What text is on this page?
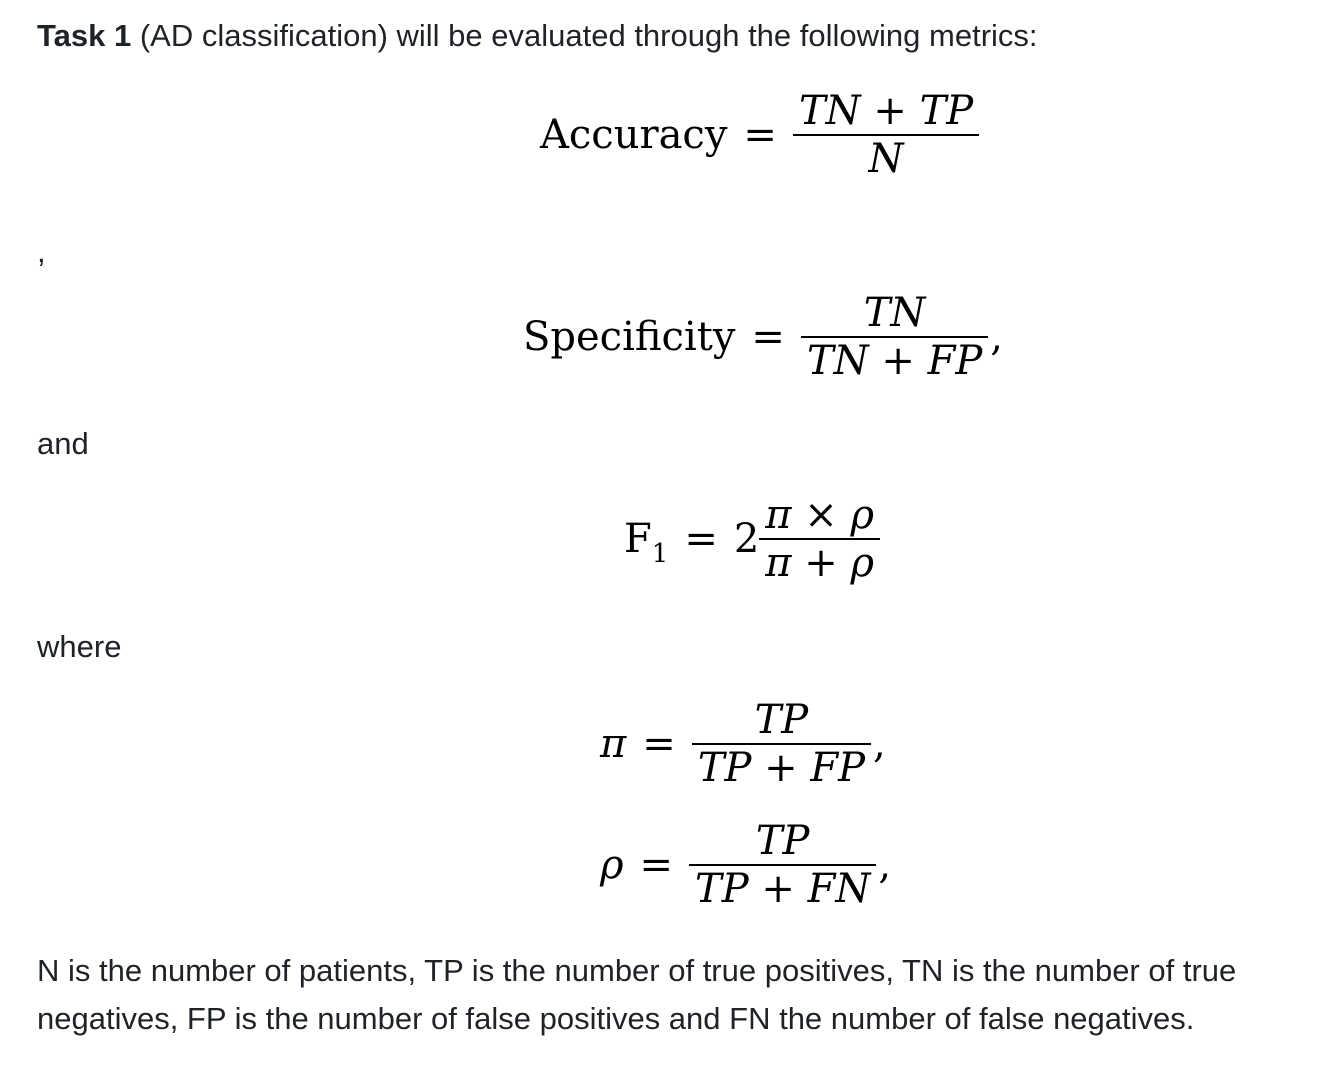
Task 1 (AD classification) will be evaluated through the following metrics:

Accuracy = $\frac{TN + TP}{N}$

,

Specificity = $\frac{TN}{TN + FP}$ ,

and

$F_1 = 2 \frac{\pi \times \rho}{\pi + \rho}$

where

$\pi = \frac{TP}{TP + FP}$ ,
$\rho = \frac{TP}{TP + FN}$ ,

N is the number of patients, TP is the number of true positives, TN is the number of true

negatives, FP is the number of false positives and FN the number of false negatives.
